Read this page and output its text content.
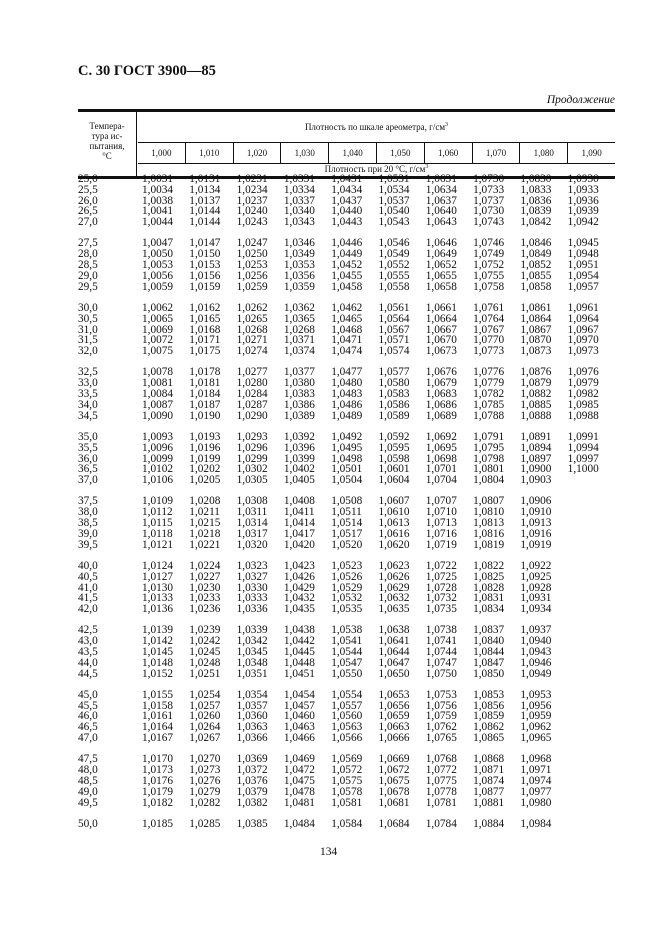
С. 30 ГОСТ 3900—85
Продолжение
Темпера-
тура ис-
пытания,
°С
Плотность по шкале ареометра, $г/см^3$
1,000	1,010	1,020	1,030	1,040	1,050	1,060	1,070	1,080	1,090
Плотность при 20 °С, $г/см^3$
25,0	1,0031	1,0131	1,0231	1,0331	1,0431	1,0531	1,0631	1,0730	1,0830	1,0930
25,5	1,0034	1,0134	1,0234	1,0334	1,0434	1,0534	1,0634	1,0733	1,0833	1,0933
26,0	1,0038	1,0137	1,0237	1,0337	1,0437	1,0537	1,0637	1,0737	1,0836	1,0936
26,5	1,0041	1,0144	1,0240	1,0340	1,0440	1,0540	1,0640	1,0730	1,0839	1,0939
27,0	1,0044	1,0144	1,0243	1,0343	1,0443	1,0543	1,0643	1,0743	1,0842	1,0942
27,5	1,0047	1,0147	1,0247	1,0346	1,0446	1,0546	1,0646	1,0746	1,0846	1,0945
28,0	1,0050	1,0150	1,0250	1,0349	1,0449	1,0549	1,0649	1,0749	1,0849	1,0948
28,5	1,0053	1,0153	1,0253	1,0353	1,0452	1,0552	1,0652	1,0752	1,0852	1,0951
29,0	1,0056	1,0156	1,0256	1,0356	1,0455	1,0555	1,0655	1,0755	1,0855	1,0954
29,5	1,0059	1,0159	1,0259	1,0359	1,0458	1,0558	1,0658	1,0758	1,0858	1,0957
30,0	1,0062	1,0162	1,0262	1,0362	1,0462	1,0561	1,0661	1,0761	1,0861	1,0961
30,5	1,0065	1,0165	1,0265	1,0365	1,0465	1,0564	1,0664	1,0764	1,0864	1,0964
31,0	1,0069	1,0168	1,0268	1,0268	1,0468	1,0567	1,0667	1,0767	1,0867	1,0967
31,5	1,0072	1,0171	1,0271	1,0371	1,0471	1,0571	1,0670	1,0770	1,0870	1,0970
32,0	1,0075	1,0175	1,0274	1,0374	1,0474	1,0574	1,0673	1,0773	1,0873	1,0973
32,5	1,0078	1,0178	1,0277	1,0377	1,0477	1,0577	1,0676	1,0776	1,0876	1,0976
33,0	1,0081	1,0181	1,0280	1,0380	1,0480	1,0580	1,0679	1,0779	1,0879	1,0979
33,5	1,0084	1,0184	1,0284	1,0383	1,0483	1,0583	1,0683	1,0782	1,0882	1,0982
34,0	1,0087	1,0187	1,0287	1,0386	1,0486	1,0586	1,0686	1,0785	1,0885	1,0985
34,5	1,0090	1,0190	1,0290	1,0389	1,0489	1,0589	1,0689	1,0788	1,0888	1,0988
35,0	1,0093	1,0193	1,0293	1,0392	1,0492	1,0592	1,0692	1,0791	1,0891	1,0991
35,5	1,0096	1,0196	1,0296	1,0396	1,0495	1,0595	1,0695	1,0795	1,0894	1,0994
36,0	1,0099	1,0199	1,0299	1,0399	1,0498	1,0598	1,0698	1,0798	1,0897	1,0997
36,5	1,0102	1,0202	1,0302	1,0402	1,0501	1,0601	1,0701	1,0801	1,0900	1,1000
37,0	1,0106	1,0205	1,0305	1,0405	1,0504	1,0604	1,0704	1,0804	1,0903
37,5	1,0109	1,0208	1,0308	1,0408	1,0508	1,0607	1,0707	1,0807	1,0906
38,0	1,0112	1,0211	1,0311	1,0411	1,0511	1,0610	1,0710	1,0810	1,0910
38,5	1,0115	1,0215	1,0314	1,0414	1,0514	1,0613	1,0713	1,0813	1,0913
39,0	1,0118	1,0218	1,0317	1,0417	1,0517	1,0616	1,0716	1,0816	1,0916
39,5	1,0121	1,0221	1,0320	1,0420	1,0520	1,0620	1,0719	1,0819	1,0919
40,0	1,0124	1,0224	1,0323	1,0423	1,0523	1,0623	1,0722	1,0822	1,0922
40,5	1,0127	1,0227	1,0327	1,0426	1,0526	1,0626	1,0725	1,0825	1,0925
41,0	1,0130	1,0230	1,0330	1,0429	1,0529	1,0629	1,0728	1,0828	1,0928
41,5	1,0133	1,0233	1,0333	1,0432	1,0532	1,0632	1,0732	1,0831	1,0931
42,0	1,0136	1,0236	1,0336	1,0435	1,0535	1,0635	1,0735	1,0834	1,0934
42,5	1,0139	1,0239	1,0339	1,0438	1,0538	1,0638	1,0738	1,0837	1,0937
43,0	1,0142	1,0242	1,0342	1,0442	1,0541	1,0641	1,0741	1,0840	1,0940
43,5	1,0145	1,0245	1,0345	1,0445	1,0544	1,0644	1,0744	1,0844	1,0943
44,0	1,0148	1,0248	1,0348	1,0448	1,0547	1,0647	1,0747	1,0847	1,0946
44,5	1,0152	1,0251	1,0351	1,0451	1,0550	1,0650	1,0750	1,0850	1,0949
45,0	1,0155	1,0254	1,0354	1,0454	1,0554	1,0653	1,0753	1,0853	1,0953
45,5	1,0158	1,0257	1,0357	1,0457	1,0557	1,0656	1,0756	1,0856	1,0956
46,0	1,0161	1,0260	1,0360	1,0460	1,0560	1,0659	1,0759	1,0859	1,0959
46,5	1,0164	1,0264	1,0363	1,0463	1,0563	1,0663	1,0762	1,0862	1,0962
47,0	1,0167	1,0267	1,0366	1,0466	1,0566	1,0666	1,0765	1,0865	1,0965
47,5	1,0170	1,0270	1,0369	1,0469	1,0569	1,0669	1,0768	1,0868	1,0968
48,0	1,0173	1,0273	1,0372	1,0472	1,0572	1,0672	1,0772	1,0871	1,0971
48,5	1,0176	1,0276	1,0376	1,0475	1,0575	1,0675	1,0775	1,0874	1,0974
49,0	1,0179	1,0279	1,0379	1,0478	1,0578	1,0678	1,0778	1,0877	1,0977
49,5	1,0182	1,0282	1,0382	1,0481	1,0581	1,0681	1,0781	1,0881	1,0980
50,0	1,0185	1,0285	1,0385	1,0484	1,0584	1,0684	1,0784	1,0884	1,0984
134
